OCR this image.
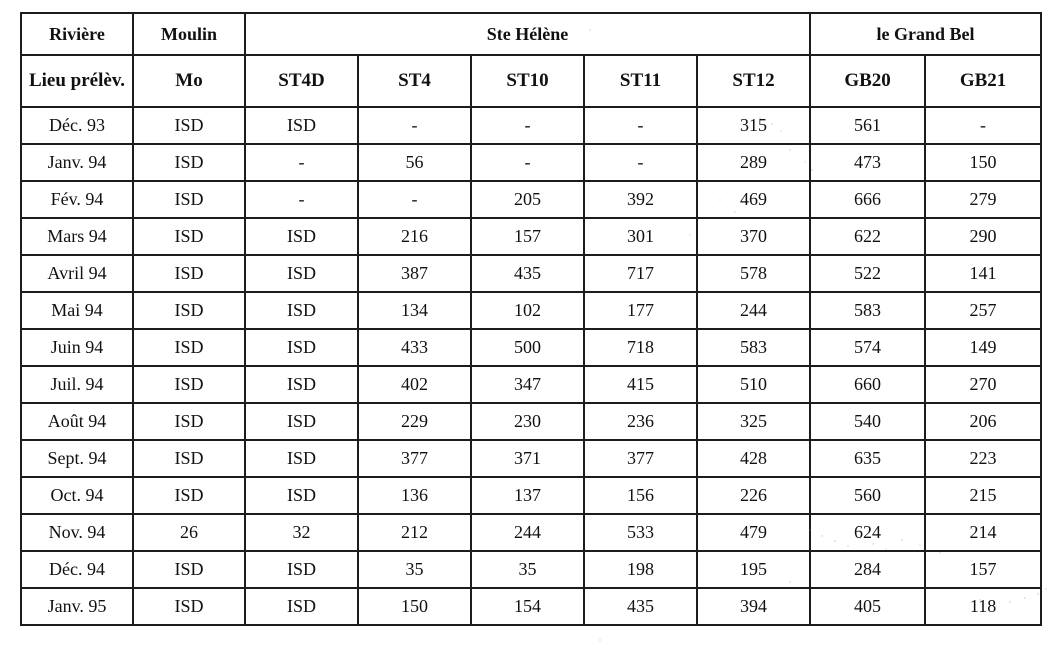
Rivière	Moulin	Ste Hélène					le Grand Bel	
Lieu prélèv.	Mo	ST4D	ST4	ST10	ST11	ST12	GB20	GB21
Déc. 93	ISD	ISD	-	-	-	315	561	-
Janv. 94	ISD	-	56	-	-	289	473	150
Fév. 94	ISD	-	-	205	392	469	666	279
Mars 94	ISD	ISD	216	157	301	370	622	290
Avril 94	ISD	ISD	387	435	717	578	522	141
Mai 94	ISD	ISD	134	102	177	244	583	257
Juin 94	ISD	ISD	433	500	718	583	574	149
Juil. 94	ISD	ISD	402	347	415	510	660	270
Août 94	ISD	ISD	229	230	236	325	540	206
Sept. 94	ISD	ISD	377	371	377	428	635	223
Oct. 94	ISD	ISD	136	137	156	226	560	215
Nov. 94	26	32	212	244	533	479	624	214
Déc. 94	ISD	ISD	35	35	198	195	284	157
Janv. 95	ISD	ISD	150	154	435	394	405	118
